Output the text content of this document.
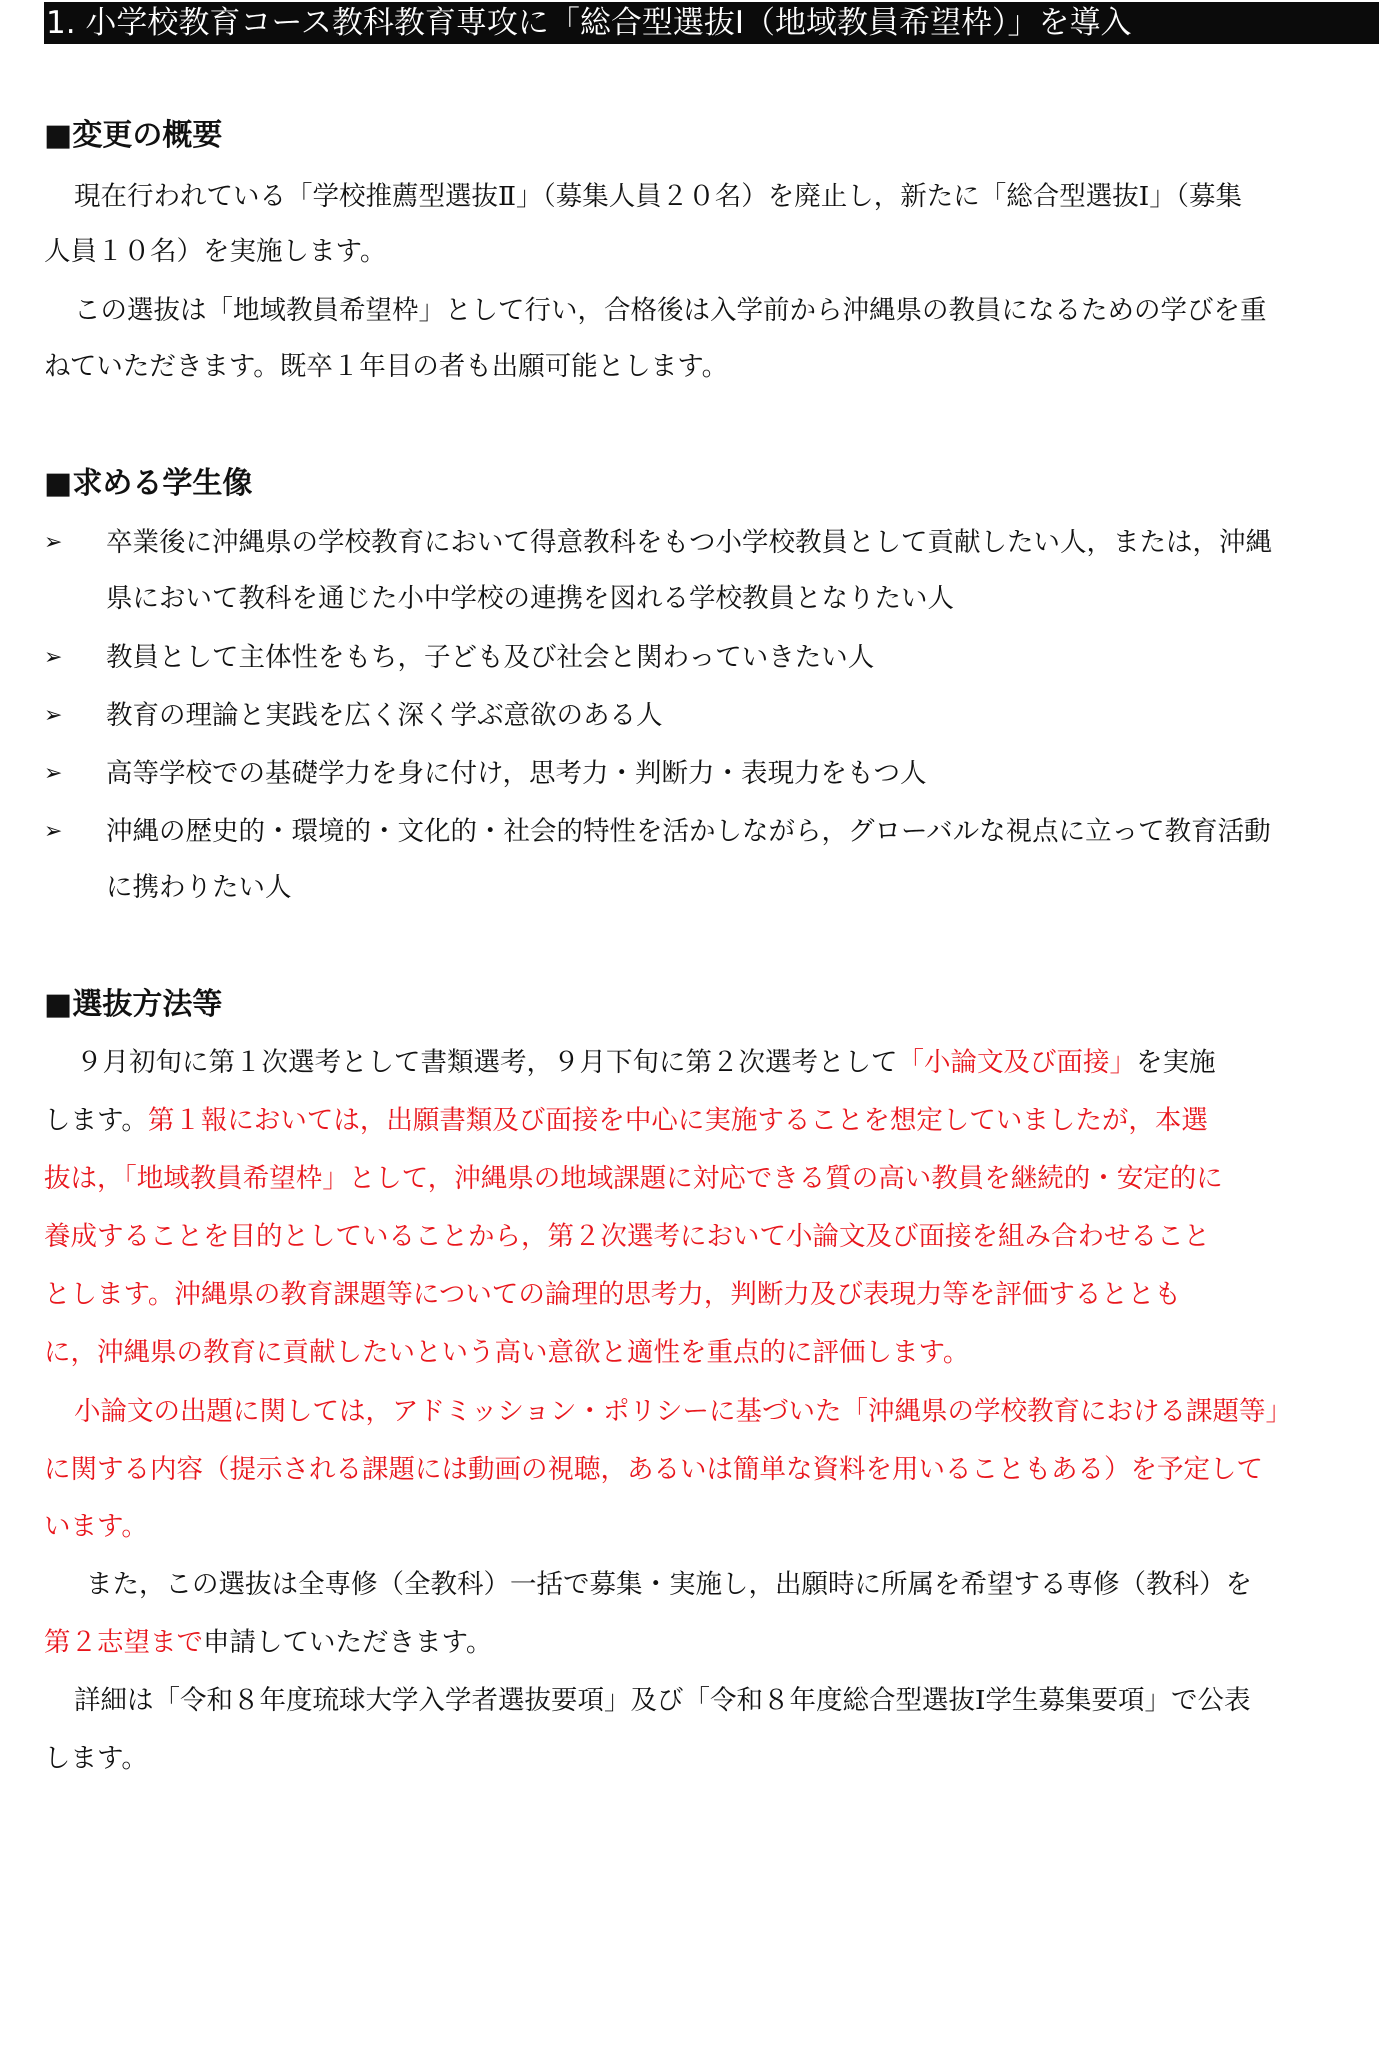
1. 小学校教育コース教科教育専攻に「総合型選抜Ⅰ（地域教員希望枠）」を導入
■変更の概要
現在行われている「学校推薦型選抜Ⅱ」（募集人員２０名）を廃止し，新たに「総合型選抜Ⅰ」（募集
人員１０名）を実施します。
この選抜は「地域教員希望枠」として行い，合格後は入学前から沖縄県の教員になるための学びを重
ねていただきます。既卒１年目の者も出願可能とします。
■求める学生像
➢ 卒業後に沖縄県の学校教育において得意教科をもつ小学校教員として貢献したい人，または，沖縄
県において教科を通じた小中学校の連携を図れる学校教員となりたい人
➢ 教員として主体性をもち，子ども及び社会と関わっていきたい人
➢ 教育の理論と実践を広く深く学ぶ意欲のある人
➢ 高等学校での基礎学力を身に付け，思考力・判断力・表現力をもつ人
➢ 沖縄の歴史的・環境的・文化的・社会的特性を活かしながら，グローバルな視点に立って教育活動
に携わりたい人
■選抜方法等
９月初旬に第１次選考として書類選考，９月下旬に第２次選考として「小論文及び面接」を実施
します。第１報においては，出願書類及び面接を中心に実施することを想定していましたが，本選
抜は，「地域教員希望枠」として，沖縄県の地域課題に対応できる質の高い教員を継続的・安定的に
養成することを目的としていることから，第２次選考において小論文及び面接を組み合わせること
とします。沖縄県の教育課題等についての論理的思考力，判断力及び表現力等を評価するととも
に，沖縄県の教育に貢献したいという高い意欲と適性を重点的に評価します。
小論文の出題に関しては，アドミッション・ポリシーに基づいた「沖縄県の学校教育における課題等」
に関する内容（提示される課題には動画の視聴，あるいは簡単な資料を用いることもある）を予定して
います。
また，この選抜は全専修（全教科）一括で募集・実施し，出願時に所属を希望する専修（教科）を
第２志望まで申請していただきます。
詳細は「令和８年度琉球大学入学者選抜要項」及び「令和８年度総合型選抜Ⅰ学生募集要項」で公表
します。
